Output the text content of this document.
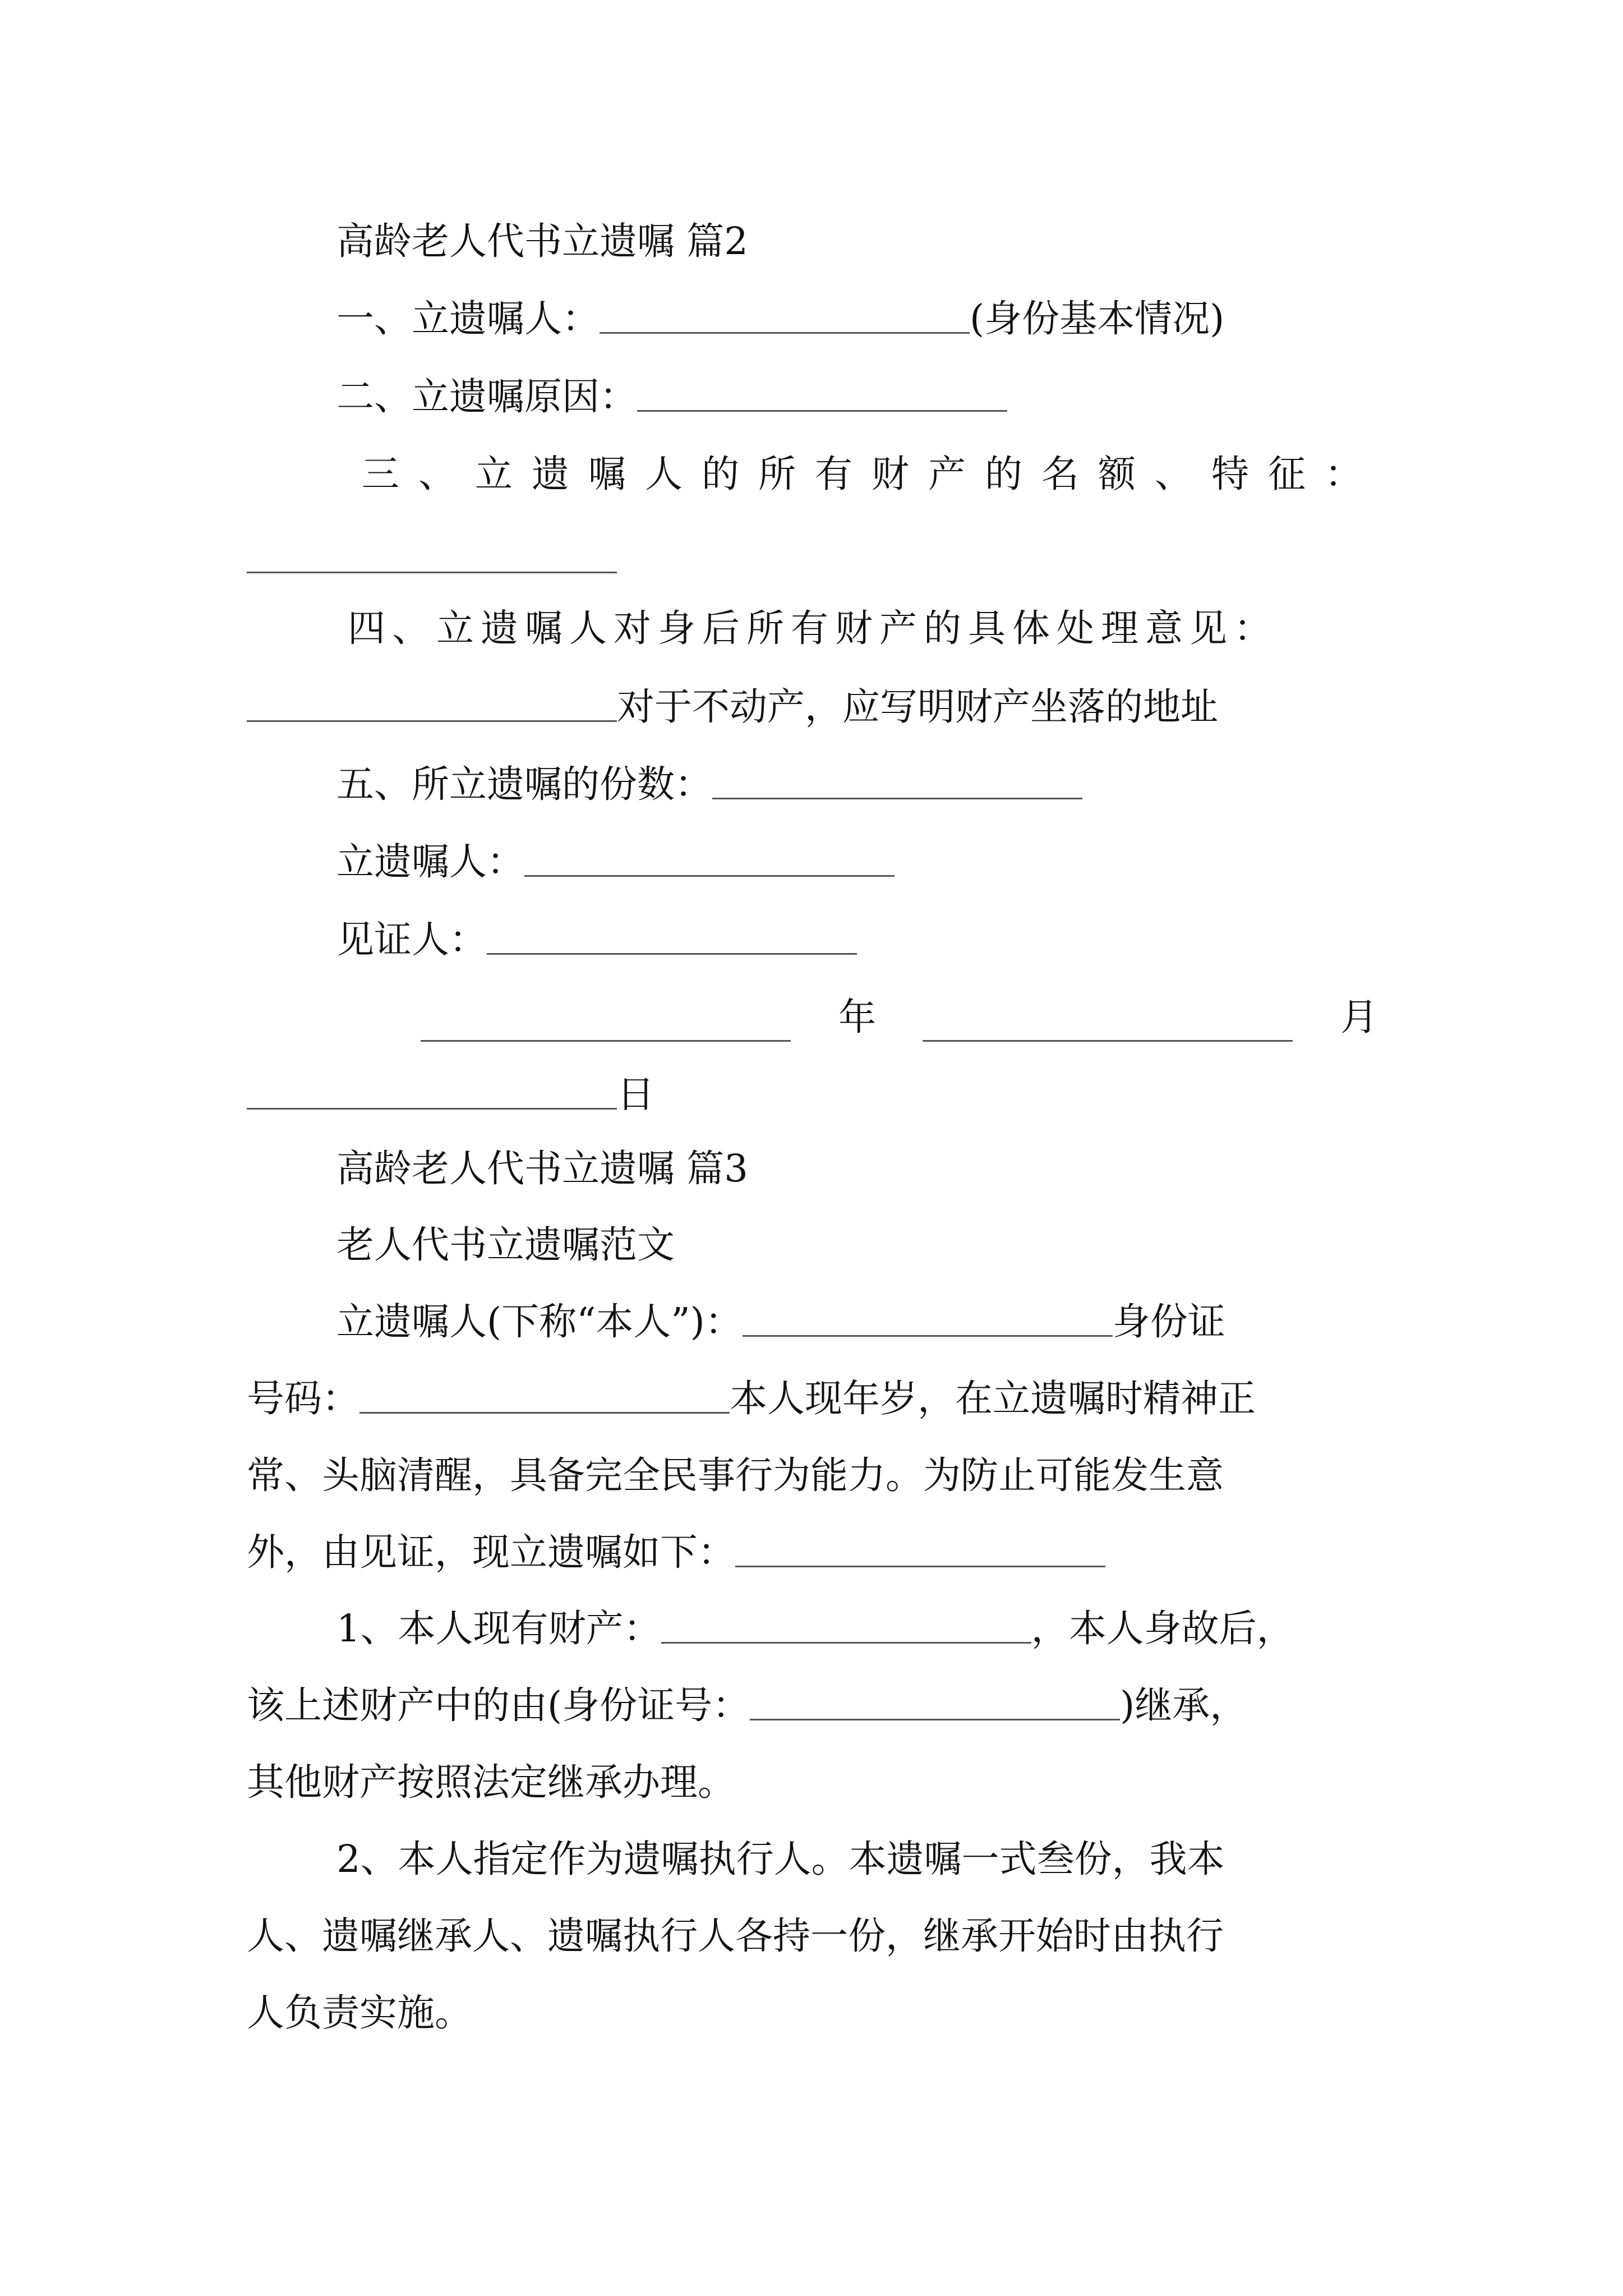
高龄老人代书立遗嘱 篇2
一、立遗嘱人：	(身份基本情况)
二、立遗嘱原因：
三、立遗嘱人的所有财产的名额、特征：
四、立遗嘱人对身后所有财产的具体处理意见：
对于不动产，应写明财产坐落的地址
五、所立遗嘱的份数：
立遗嘱人：
见证人：
年	月
日
高龄老人代书立遗嘱 篇3
老人代书立遗嘱范文
立遗嘱人(下称“本人”)：	身份证
号码：	本人现年岁，在立遗嘱时精神正
常、头脑清醒，具备完全民事行为能力。为防止可能发生意
外，由见证，现立遗嘱如下：
1、本人现有财产：	，本人身故后，
该上述财产中的由(身份证号：	)继承，
其他财产按照法定继承办理。
2、本人指定作为遗嘱执行人。本遗嘱一式叁份，我本
人、遗嘱继承人、遗嘱执行人各持一份，继承开始时由执行
人负责实施。
